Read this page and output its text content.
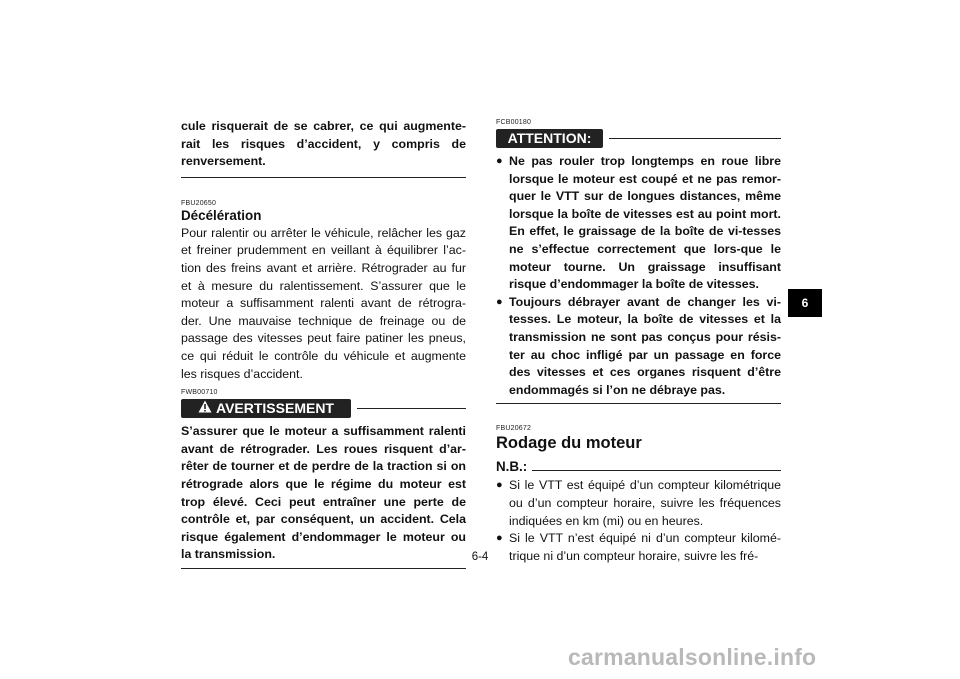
cule risquerait de se cabrer, ce qui augmente-rait les risques d’accident, y compris de renversement.

FBU20650
Décélération

Pour ralentir ou arrêter le véhicule, relâcher les gaz et freiner prudemment en veillant à équilibrer l’ac-tion des freins avant et arrière. Rétrograder au fur et à mesure du ralentissement. S’assurer que le moteur a suffisamment ralenti avant de rétrogra-der. Une mauvaise technique de freinage ou de passage des vitesses peut faire patiner les pneus, ce qui réduit le contrôle du véhicule et augmente les risques d’accident.

FWB00710
AVERTISSEMENT

S’assurer que le moteur a suffisamment ralenti avant de rétrograder. Les roues risquent d’ar-rêter de tourner et de perdre de la traction si on rétrograde alors que le régime du moteur est trop élevé. Ceci peut entraîner une perte de contrôle et, par conséquent, un accident. Cela risque également d’endommager le moteur ou la transmission.

FCB00180
ATTENTION:
● Ne pas rouler trop longtemps en roue libre lorsque le moteur est coupé et ne pas remor-quer le VTT sur de longues distances, même lorsque la boîte de vitesses est au point mort. En effet, le graissage de la boîte de vi-tesses ne s’effectue correctement que lors-que le moteur tourne. Un graissage insuffisant risque d’endommager la boîte de vitesses.
● Toujours débrayer avant de changer les vi-tesses. Le moteur, la boîte de vitesses et la transmission ne sont pas conçus pour résis-ter au choc infligé par un passage en force des vitesses et ces organes risquent d’être endommagés si l’on ne débraye pas.
FBU20672
Rodage du moteur
N.B.:
● Si le VTT est équipé d’un compteur kilométrique ou d’un compteur horaire, suivre les fréquences indiquées en km (mi) ou en heures.
● Si le VTT n’est équipé ni d’un compteur kilomé-trique ni d’un compteur horaire, suivre les fré-
6-4
6
carmanualsonline.info
